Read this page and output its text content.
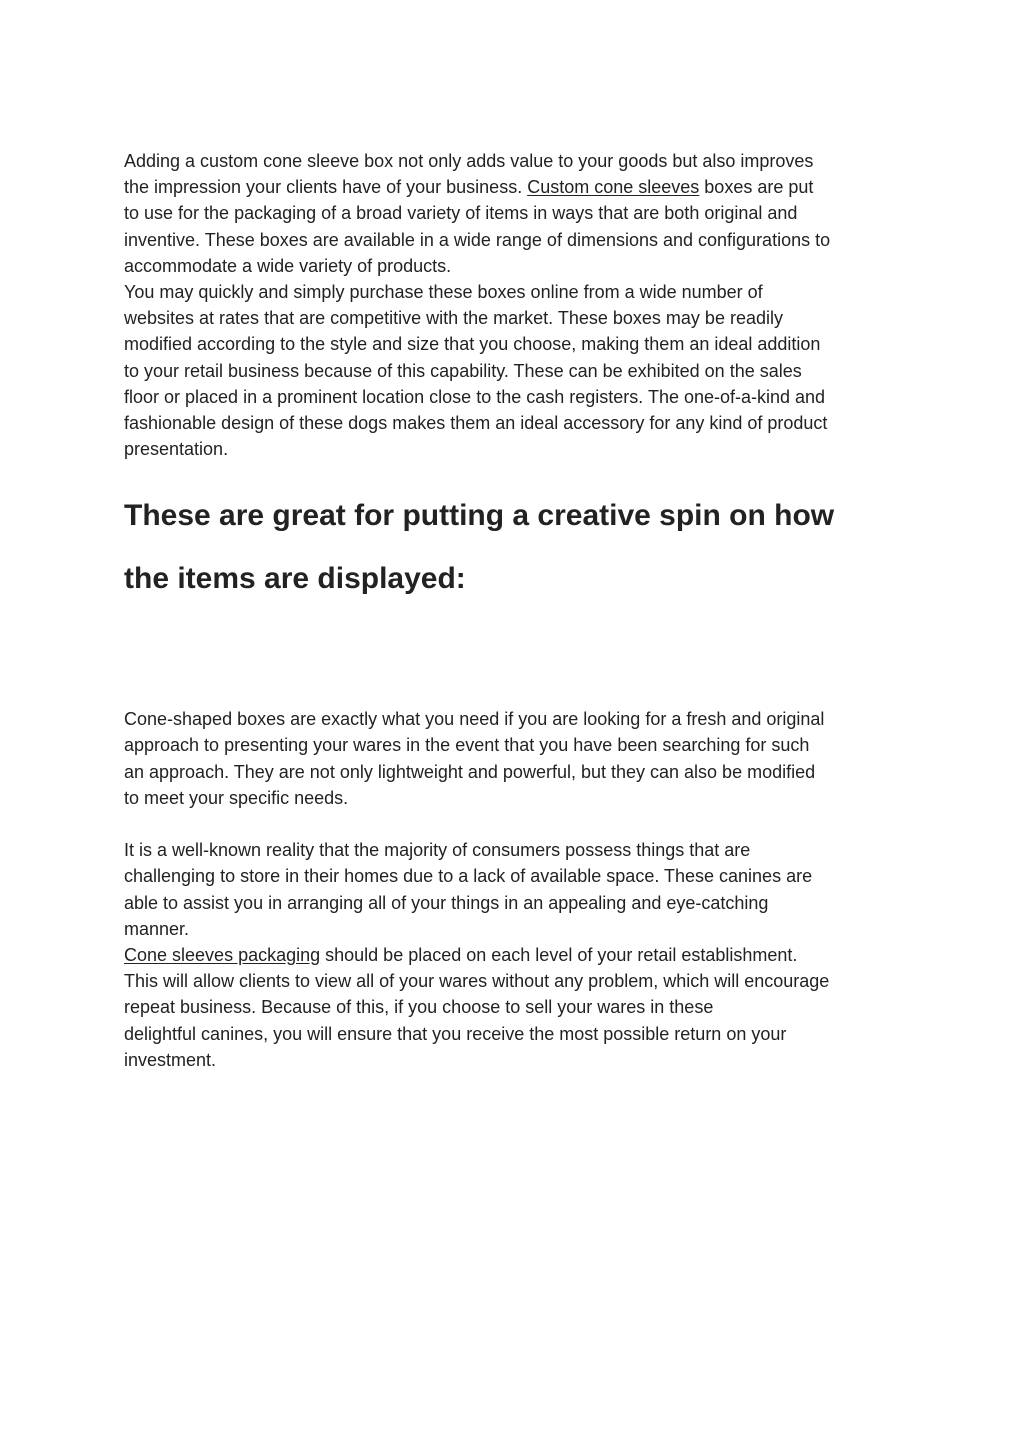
Adding a custom cone sleeve box not only adds value to your goods but also improves
the impression your clients have of your business. Custom cone sleeves boxes are put
to use for the packaging of a broad variety of items in ways that are both original and
inventive. These boxes are available in a wide range of dimensions and configurations to
accommodate a wide variety of products.
You may quickly and simply purchase these boxes online from a wide number of
websites at rates that are competitive with the market. These boxes may be readily
modified according to the style and size that you choose, making them an ideal addition
to your retail business because of this capability. These can be exhibited on the sales
floor or placed in a prominent location close to the cash registers. The one-of-a-kind and
fashionable design of these dogs makes them an ideal accessory for any kind of product
presentation.
These are great for putting a creative spin on how
the items are displayed:
Cone-shaped boxes are exactly what you need if you are looking for a fresh and original
approach to presenting your wares in the event that you have been searching for such
an approach. They are not only lightweight and powerful, but they can also be modified
to meet your specific needs.
It is a well-known reality that the majority of consumers possess things that are
challenging to store in their homes due to a lack of available space. These canines are
able to assist you in arranging all of your things in an appealing and eye-catching
manner.
Cone sleeves packaging should be placed on each level of your retail establishment.
This will allow clients to view all of your wares without any problem, which will encourage
repeat business. Because of this, if you choose to sell your wares in these
delightful canines, you will ensure that you receive the most possible return on your
investment.
